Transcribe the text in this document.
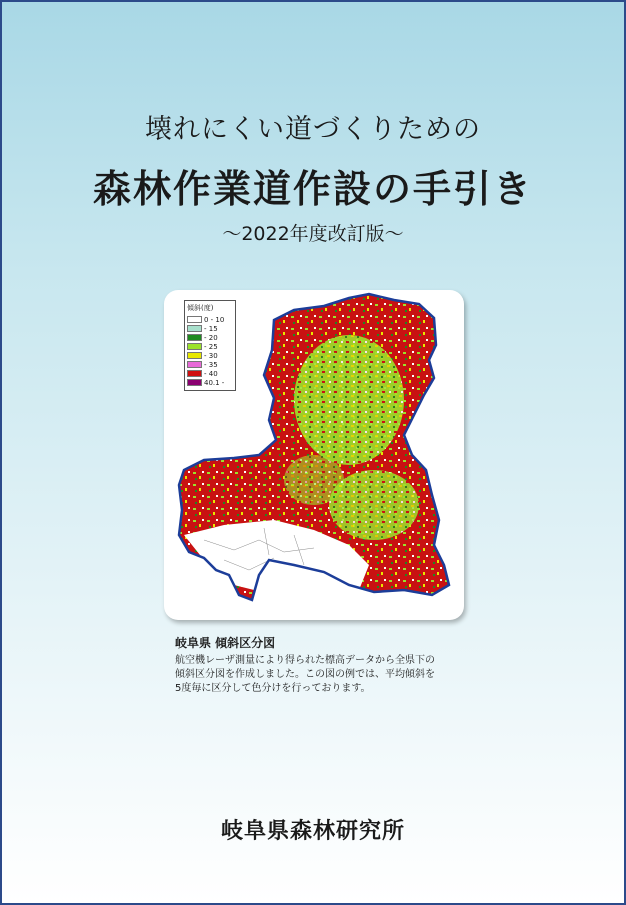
壊れにくい道づくりための
森林作業道作設の手引き
～2022年度改訂版～
傾斜(度)
0 - 10
- 15
- 20
- 25
- 30
- 35
- 40
40.1 -
岐阜県 傾斜区分図
航空機レーザ測量により得られた標高データから全県下の
傾斜区分図を作成しました。この図の例では、平均傾斜を
5度毎に区分して色分けを行っております。
岐阜県森林研究所
